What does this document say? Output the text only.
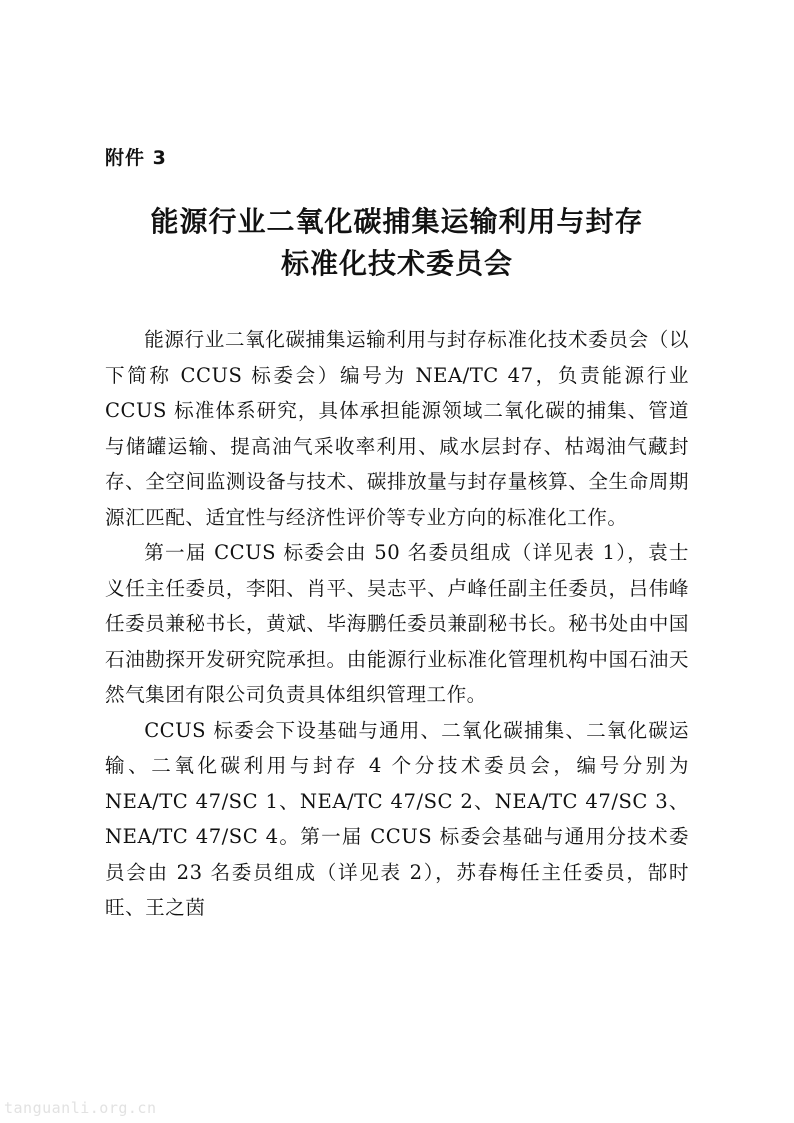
附件 3

能源行业二氧化碳捕集运输利用与封存
标准化技术委员会

能源行业二氧化碳捕集运输利用与封存标准化技术委员会（以下简称 CCUS 标委会）编号为 NEA/TC 47，负责能源行业 CCUS 标准体系研究，具体承担能源领域二氧化碳的捕集、管道与储罐运输、提高油气采收率利用、咸水层封存、枯竭油气藏封存、全空间监测设备与技术、碳排放量与封存量核算、全生命周期源汇匹配、适宜性与经济性评价等专业方向的标准化工作。

第一届 CCUS 标委会由 50 名委员组成（详见表 1），袁士义任主任委员，李阳、肖平、吴志平、卢峰任副主任委员，吕伟峰任委员兼秘书长，黄斌、毕海鹏任委员兼副秘书长。秘书处由中国石油勘探开发研究院承担。由能源行业标准化管理机构中国石油天然气集团有限公司负责具体组织管理工作。

CCUS 标委会下设基础与通用、二氧化碳捕集、二氧化碳运输、二氧化碳利用与封存 4 个分技术委员会，编号分别为 NEA/TC 47/SC 1、NEA/TC 47/SC 2、NEA/TC 47/SC 3、NEA/TC 47/SC 4。第一届 CCUS 标委会基础与通用分技术委员会由 23 名委员组成（详见表 2），苏春梅任主任委员，郜时旺、王之茵

tanguanli.org.cn
